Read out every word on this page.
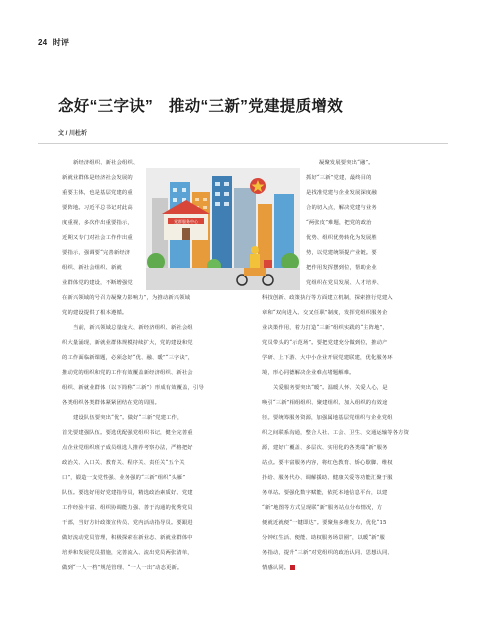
24 时评
念好“三字诀”　推动“三新”党建提质增效
文 / 川杜圻
党群服务中心
新经济组织、新社会组织、
新就业群体是经济社会发展的
重要主体，也是基层党建的重
要阵地。习近平总书记对此高
度重视，多次作出重要指示，
近期又专门对社会工作作出重
要指示，强调要“完善新经济
组织、新社会组织、新就
业群体党的建设，不断增强党
在新兴领域的号召力凝聚力影响力”，为推动新兴领域
党的建设提供了根本遵循。
当前，新兴领域总量庞大、新经济组织、新社会组
织大量涌现，新就业群体规模持续扩大，党的建设和党
的工作面临新课题，必须念好“优、融、暖”“三字诀”，
推动党的组织和党的工作有效覆盖新经济组织、新社会
组织、新就业群体（以下简称“三新”）形成有效覆盖，引导
各类组织各类群体紧紧团结在党的周围。
建设队伍要突出“优”。做好“三新”党建工作，
首先要建强队伍。要选优配强党组织书记，健全完善重
点企业党组织班子成员组选人推荐考察办法，严格把好
政治关、入口关、教育关、程序关、责任关“五个关
口”，锻造一支党性强、业务强的“三新”组织“头雁”
队伍。要选好用好党建指导员，精选政治素质好、党建
工作经验丰富、组织协调能力强、善于沟通的优秀党员
干部，当好方针政策宣传员、党内活动指导员。要跟进
做好流动党员管理，积极探索在新业态、新就业群体中
培养和发展党员措施，完善流入、流出党员两张清单，
做到“一人一档”规范管理、“一人一出”动态更新。
凝聚发展要突出“融”。
抓好“三新”党建，最终目的
是找准党建与企业发展深度融
合的切入点，解决党建与业务
“两张皮”难题，把党的政治
优势、组织优势转化为发展胜
势，以党建统领提产业链。要
把作用发挥摆到位，帮助企业
党组织在党员发展、人才培养、
科技创新、政策执行等方面建立机制，探索推行党建入
章和“双向进入、交叉任职”制度，发挥党组织服务企
业决策作用，着力打造“三新”组织实践的“主阵地”，
党员带头的“示范场”。要把党建充分做到位，推动产
学研、上下游、大中小企业开展党建联建，优化服务环
境，形心同德解决企业难点堵题解难。
关爱服务要突出“暖”。温暖人怀、关爱人心，是
唤引“三新”相组组织、聚建组织、加入组织的有效途
径。要统筹服务资源，加强属地基层党组织与企业党组
织之间联系沟通，整合人社、工会、卫生、交通运输等各方资
源，建好广覆盖、多层次、实用化的各类端“新”服务
站点。要丰富服务内容，将红色教育、矫心歇脚、维权
扑给、服务代办、调解援助、健康关爱等功能汇聚于服
务单站。要强化数字赋能，依托本地信息平台，以建
“新”地图等方式呈现联“新”服务站点分布情况，方
便就近就便“一键即达”。要聚焦多维发力，优化“15
分钟红生活、便能、助权服务场景圈”，以暖“新”服
务指动，提升“三新”对党组织的政治认同、思想认同、
情感认同。
